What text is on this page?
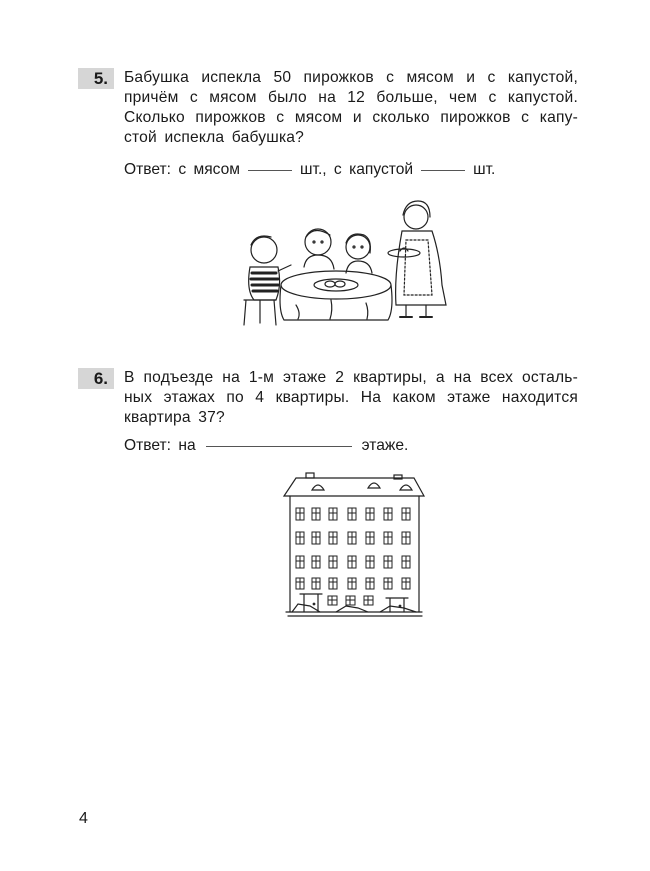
5.	Бабушка испекла 50 пирожков с мясом и с капустой,
причём с мясом было на 12 больше, чем с капустой.
Сколько пирожков с мясом и сколько пирожков с капу-
стой испекла бабушка?
Ответ: с мясом	шт., с капустой	шт.
6.	В подъезде на 1-м этаже 2 квартиры, а на всех осталь-
ных этажах по 4 квартиры. На каком этаже находится
квартира 37?
Ответ: на	этаже.
4
